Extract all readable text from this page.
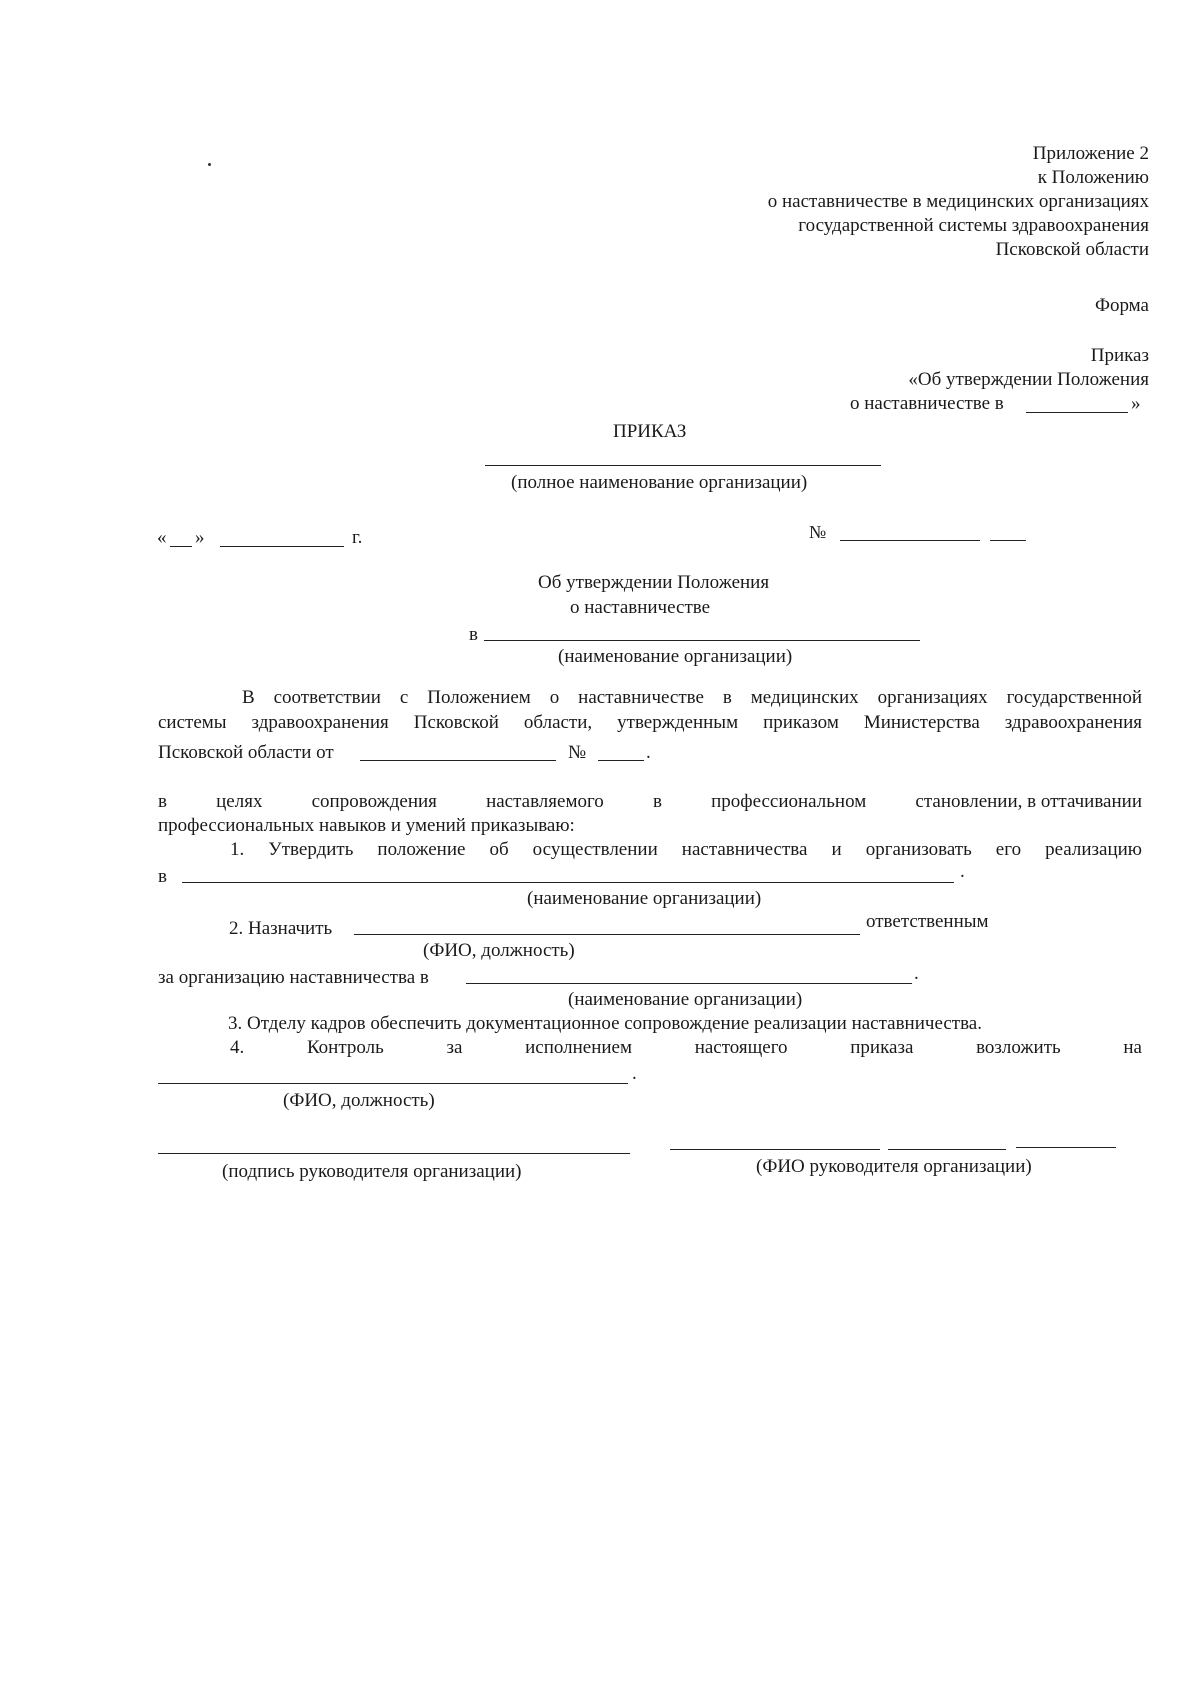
Приложение 2
к Положению
о наставничестве в медицинских организациях
государственной системы здравоохранения
Псковской области
Форма
Приказ
«Об утверждении Положения
о наставничестве в	»
ПРИКАЗ
(полное наименование организации)
« »	г.	№
Об утверждении Положения
о наставничестве
в
(наименование организации)
В соответствии с Положением о наставничестве в медицинских организациях государственной
системы здравоохранения Псковской области, утвержденным приказом Министерства здравоохранения
Псковской области от	№	.
в	целях	сопровождения	наставляемого	в	профессиональном	становлении, в оттачивании
профессиональных навыков и умений приказываю:
1. Утвердить положение об осуществлении наставничества и организовать его реализацию
в	.
(наименование организации)
2. Назначить	ответственным
(ФИО, должность)
за организацию наставничества в	.
(наименование организации)
3. Отделу кадров обеспечить документационное сопровождение реализации наставничества.
4.	Контроль	за	исполнением	настоящего	приказа	возложить	на
.
(ФИО, должность)
(подпись руководителя организации)	(ФИО руководителя организации)
